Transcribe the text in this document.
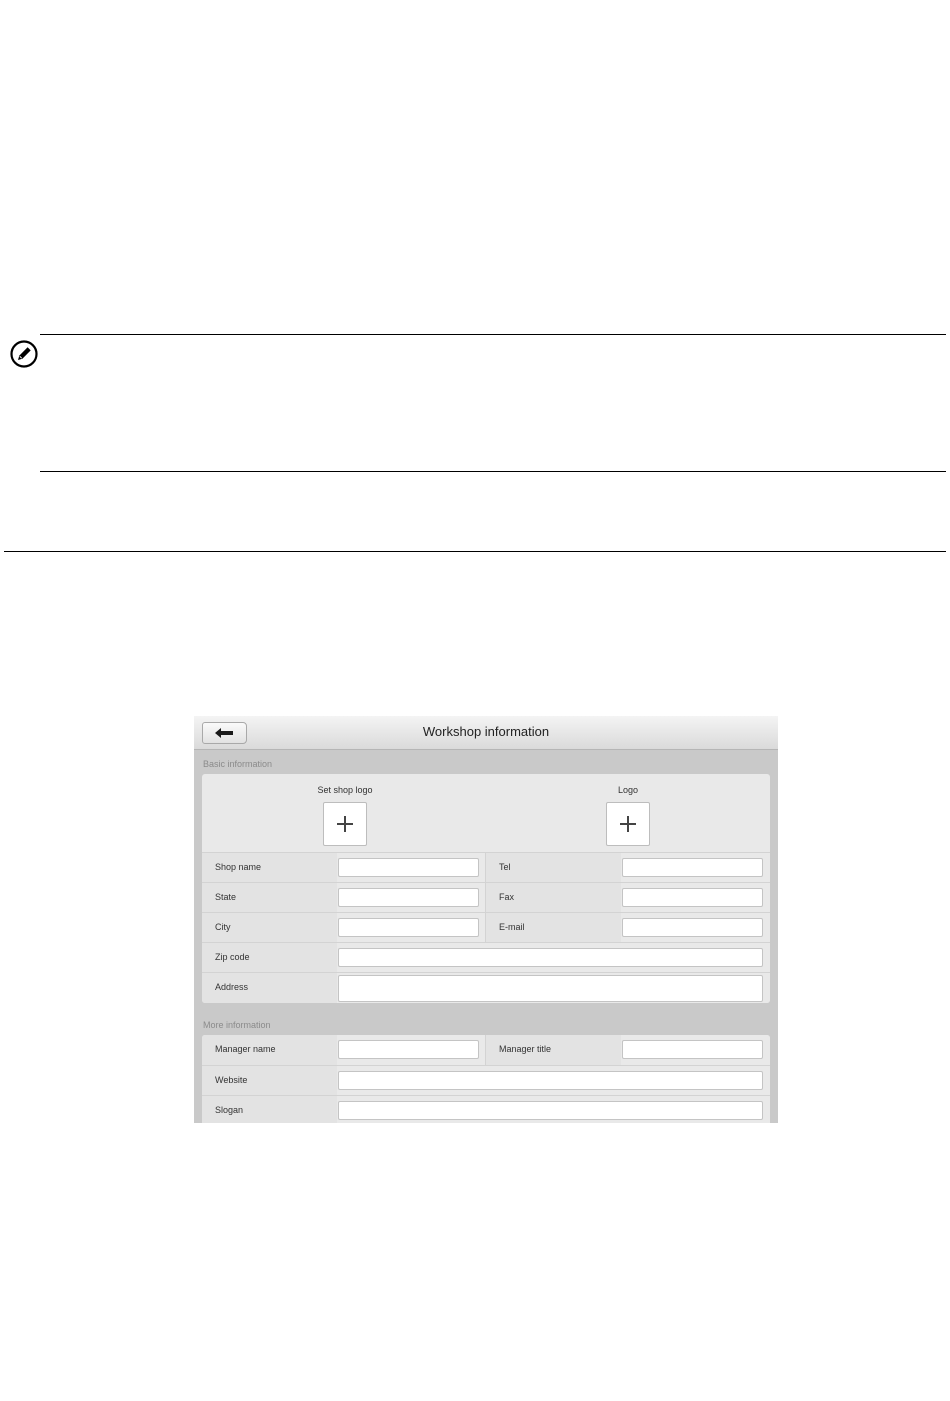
Workshop information
Basic information
Set shop logo	Logo
Shop name	Tel
State	Fax
City	E-mail
Zip code
Address
More information
Manager name	Manager title
Website
Slogan
